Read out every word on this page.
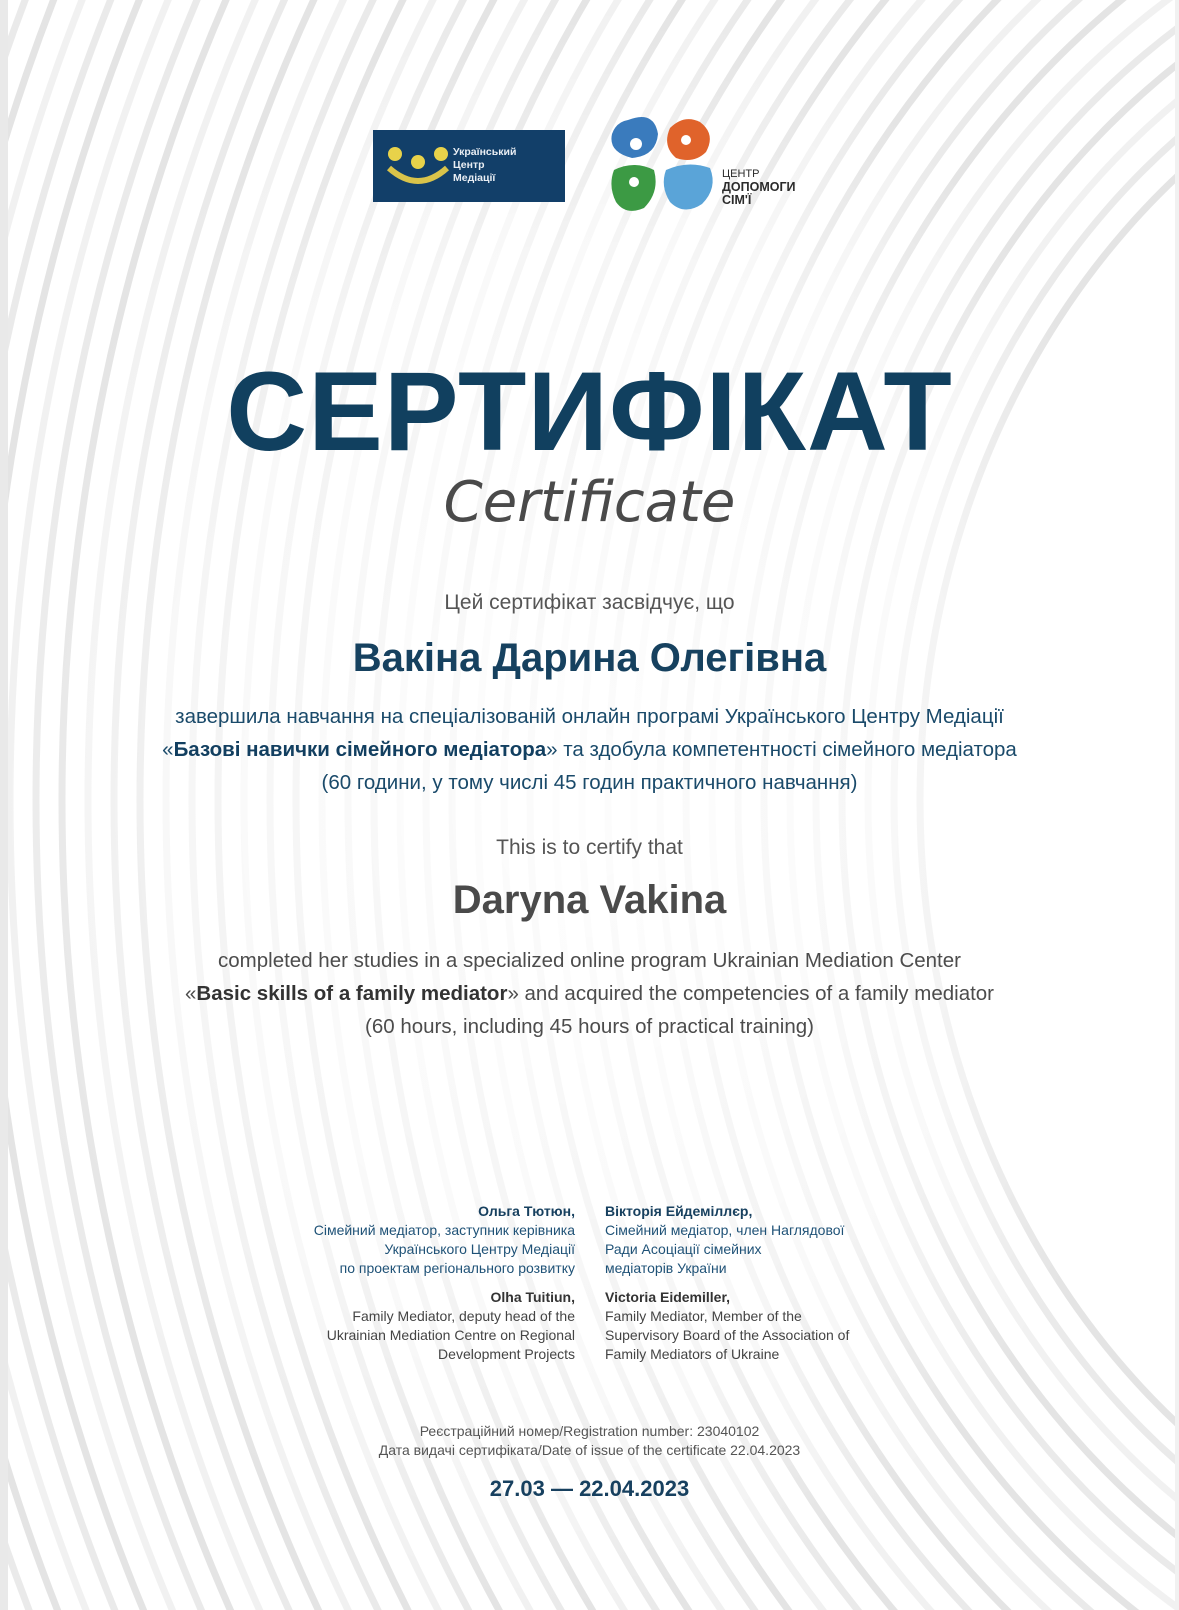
Український
Центр
Медіації	ЦЕНТР
ДОПОМОГИ
СІМ'Ї
СЕРТИФІКАТ
Certificate
Цей сертифікат засвідчує, що
Вакіна Дарина Олегівна
завершила навчання на спеціалізованій онлайн програмі Українського Центру Медіації
«Базові навички сімейного медіатора» та здобула компетентності сімейного медіатора
(60 години, у тому числі 45 годин практичного навчання)
This is to certify that
Daryna Vakina
completed her studies in a specialized online program Ukrainian Mediation Center
«Basic skills of a family mediator» and acquired the competencies of a family mediator
(60 hours, including 45 hours of practical training)
Ольга Тютюн,
Сімейний медіатор, заступник керівника
Українського Центру Медіації
по проектам регіонального розвитку
Olha Tuitiun,
Family Mediator, deputy head of the
Ukrainian Mediation Centre on Regional
Development Projects
Вікторія Ейдеміллєр,
Сімейний медіатор, член Наглядової
Ради Асоціації сімейних
медіаторів України
Victoria Eidemiller,
Family Mediator, Member of the
Supervisory Board of the Association of
Family Mediators of Ukraine
Реєстраційний номер/Registration number: 23040102
Дата видачі сертифіката/Date of issue of the certificate 22.04.2023
27.03 — 22.04.2023
